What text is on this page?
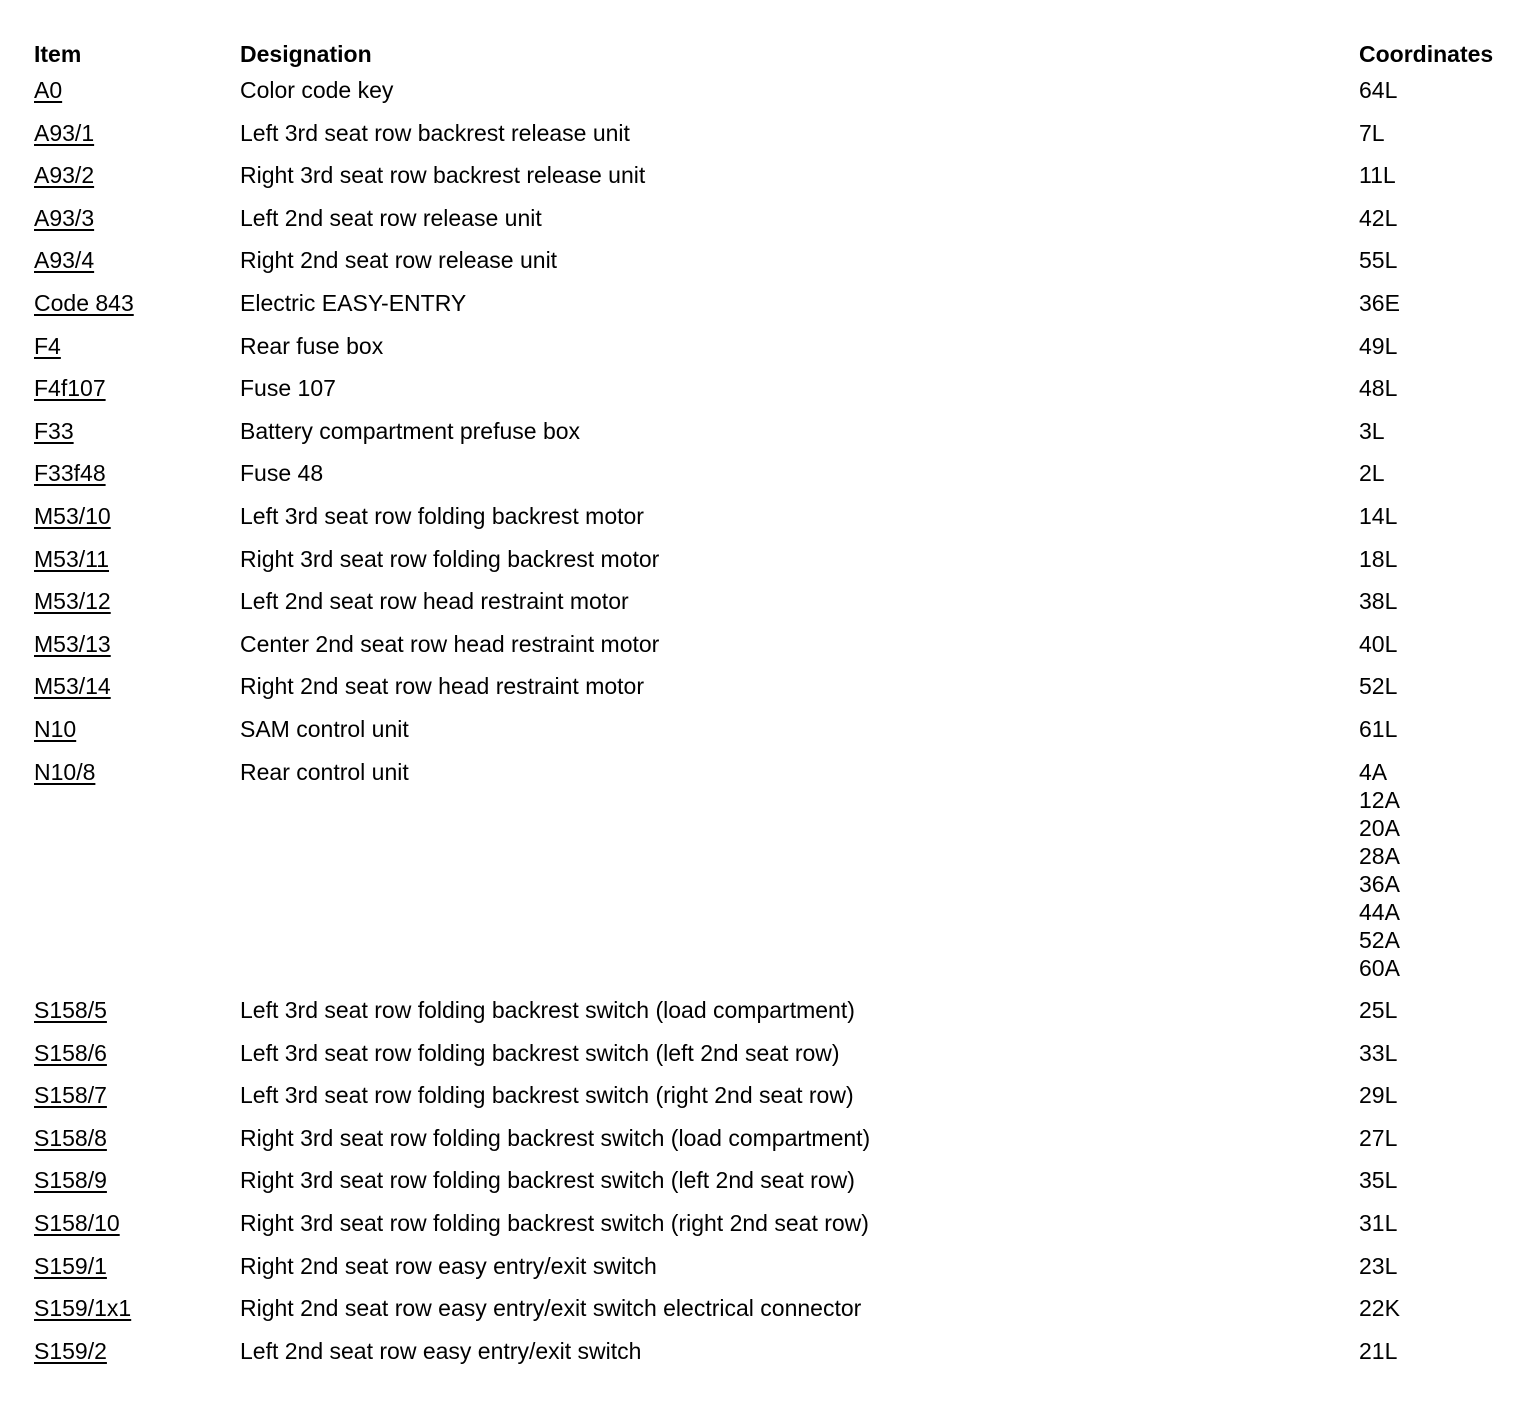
Item	Designation	Coordinates
A0	Color code key	64L
A93/1	Left 3rd seat row backrest release unit	7L
A93/2	Right 3rd seat row backrest release unit	11L
A93/3	Left 2nd seat row release unit	42L
A93/4	Right 2nd seat row release unit	55L
Code 843	Electric EASY-ENTRY	36E
F4	Rear fuse box	49L
F4f107	Fuse 107	48L
F33	Battery compartment prefuse box	3L
F33f48	Fuse 48	2L
M53/10	Left 3rd seat row folding backrest motor	14L
M53/11	Right 3rd seat row folding backrest motor	18L
M53/12	Left 2nd seat row head restraint motor	38L
M53/13	Center 2nd seat row head restraint motor	40L
M53/14	Right 2nd seat row head restraint motor	52L
N10	SAM control unit	61L
N10/8	Rear control unit	4A
12A
20A
28A
36A
44A
52A
60A
S158/5	Left 3rd seat row folding backrest switch (load compartment)	25L
S158/6	Left 3rd seat row folding backrest switch (left 2nd seat row)	33L
S158/7	Left 3rd seat row folding backrest switch (right 2nd seat row)	29L
S158/8	Right 3rd seat row folding backrest switch (load compartment)	27L
S158/9	Right 3rd seat row folding backrest switch (left 2nd seat row)	35L
S158/10	Right 3rd seat row folding backrest switch (right 2nd seat row)	31L
S159/1	Right 2nd seat row easy entry/exit switch	23L
S159/1x1	Right 2nd seat row easy entry/exit switch electrical connector	22K
S159/2	Left 2nd seat row easy entry/exit switch	21L
